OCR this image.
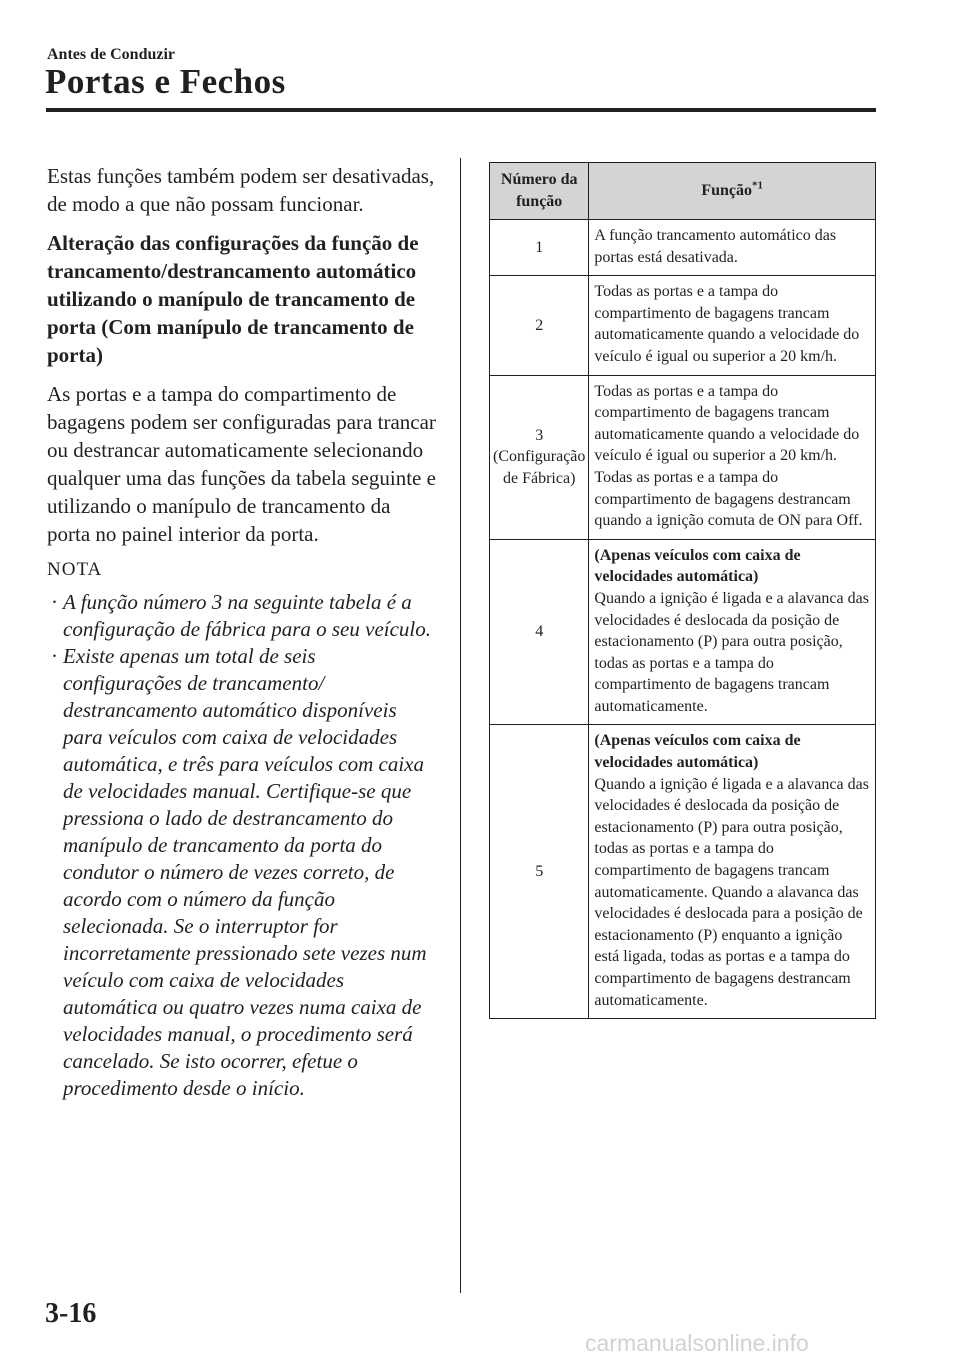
Antes de Conduzir
Portas e Fechos

Estas funções também podem ser desativadas, de modo a que não possam funcionar.

Alteração das configurações da função de trancamento/destrancamento automático utilizando o manípulo de trancamento de porta (Com manípulo de trancamento de porta)

As portas e a tampa do compartimento de bagagens podem ser configuradas para trancar ou destrancar automaticamente selecionando qualquer uma das funções da tabela seguinte e utilizando o manípulo de trancamento da porta no painel interior da porta.

NOTA
· A função número 3 na seguinte tabela é a configuração de fábrica para o seu veículo.
· Existe apenas um total de seis configurações de trancamento/ destrancamento automático disponíveis para veículos com caixa de velocidades automática, e três para veículos com caixa de velocidades manual. Certifique-se que pressiona o lado de destrancamento do manípulo de trancamento da porta do condutor o número de vezes correto, de acordo com o número da função selecionada. Se o interruptor for incorretamente pressionado sete vezes num veículo com caixa de velocidades automática ou quatro vezes numa caixa de velocidades manual, o procedimento será cancelado. Se isto ocorrer, efetue o procedimento desde o início.
Número da função	Função$^{*1}$
1	A função trancamento automático das portas está desativada.
2	Todas as portas e a tampa do compartimento de bagagens trancam automaticamente quando a velocidade do veículo é igual ou superior a 20 km/h.
3 (Configuração de Fábrica)	Todas as portas e a tampa do compartimento de bagagens trancam automaticamente quando a velocidade do veículo é igual ou superior a 20 km/h. Todas as portas e a tampa do compartimento de bagagens destrancam quando a ignição comuta de ON para Off.
4	(Apenas veículos com caixa de velocidades automática)
Quando a ignição é ligada e a alavanca das velocidades é deslocada da posição de estacionamento (P) para outra posição, todas as portas e a tampa do compartimento de bagagens trancam automaticamente.
5	(Apenas veículos com caixa de velocidades automática)
Quando a ignição é ligada e a alavanca das velocidades é deslocada da posição de estacionamento (P) para outra posição, todas as portas e a tampa do compartimento de bagagens trancam automaticamente. Quando a alavanca das velocidades é deslocada para a posição de estacionamento (P) enquanto a ignição está ligada, todas as portas e a tampa do compartimento de bagagens destrancam automaticamente.
3-16
carmanualsonline.info
